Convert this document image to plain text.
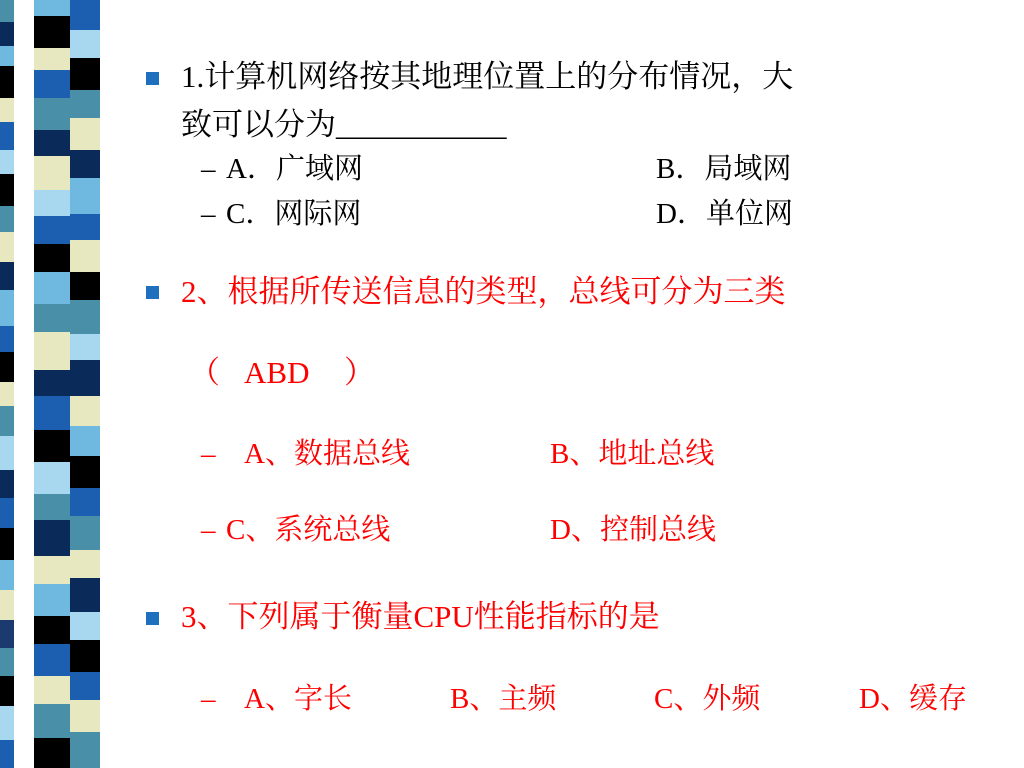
1.计算机网络按其地理位置上的分布情况，大
致可以分为___________
– A．广域网	B．局域网
– C．网际网	D．单位网
2、根据所传送信息的类型，总线可分为三类
（ ABD ）
– A、数据总线	B、地址总线
– C、系统总线	D、控制总线
3、下列属于衡量CPU性能指标的是
– A、字长	B、主频	C、外频	D、缓存
